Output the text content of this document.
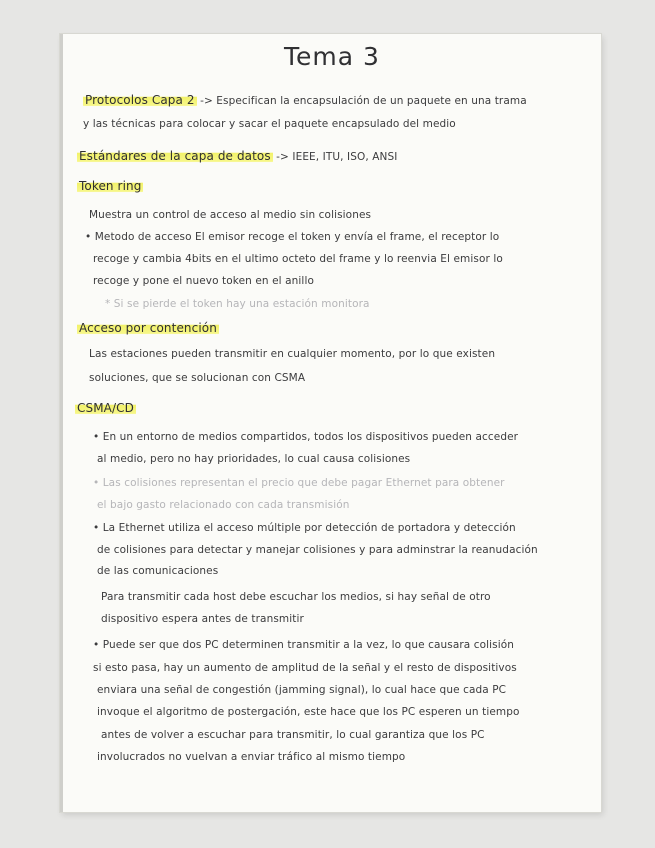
Tema 3
Protocolos Capa 2 -> Especifican la encapsulación de un paquete en una trama
y las técnicas para colocar y sacar el paquete encapsulado del medio
Estándares de la capa de datos -> IEEE, ITU, ISO, ANSI
Token ring
Muestra un control de acceso al medio sin colisiones
• Metodo de acceso El emisor recoge el token y envía el frame, el receptor lo
recoge y cambia 4bits en el ultimo octeto del frame y lo reenvia El emisor lo
recoge y pone el nuevo token en el anillo
* Si se pierde el token hay una estación monitora
Acceso por contención
Las estaciones pueden transmitir en cualquier momento, por lo que existen
soluciones, que se solucionan con CSMA
CSMA/CD
• En un entorno de medios compartidos, todos los dispositivos pueden acceder
al medio, pero no hay prioridades, lo cual causa colisiones
• Las colisiones representan el precio que debe pagar Ethernet para obtener
el bajo gasto relacionado con cada transmisión
• La Ethernet utiliza el acceso múltiple por detección de portadora y detección
de colisiones para detectar y manejar colisiones y para adminstrar la reanudación
de las comunicaciones
Para transmitir cada host debe escuchar los medios, si hay señal de otro
dispositivo espera antes de transmitir
• Puede ser que dos PC determinen transmitir a la vez, lo que causara colisión
si esto pasa, hay un aumento de amplitud de la señal y el resto de dispositivos
enviara una señal de congestión (jamming signal), lo cual hace que cada PC
invoque el algoritmo de postergación, este hace que los PC esperen un tiempo
antes de volver a escuchar para transmitir, lo cual garantiza que los PC
involucrados no vuelvan a enviar tráfico al mismo tiempo
